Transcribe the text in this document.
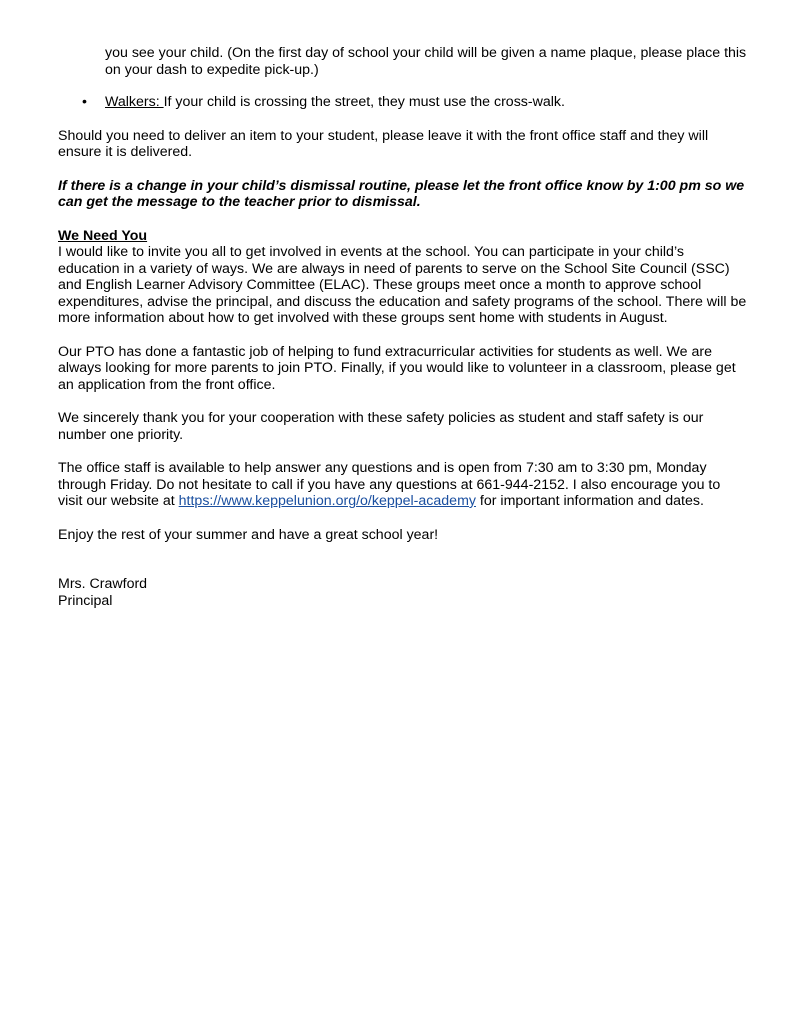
you see your child. (On the first day of school your child will be given a name plaque, please place this on your dash to expedite pick-up.)

• Walkers: If your child is crossing the street, they must use the cross-walk.

Should you need to deliver an item to your student, please leave it with the front office staff and they will ensure it is delivered.

If there is a change in your child’s dismissal routine, please let the front office know by 1:00 pm so we can get the message to the teacher prior to dismissal.

We Need You

I would like to invite you all to get involved in events at the school. You can participate in your child’s education in a variety of ways. We are always in need of parents to serve on the School Site Council (SSC) and English Learner Advisory Committee (ELAC). These groups meet once a month to approve school expenditures, advise the principal, and discuss the education and safety programs of the school. There will be more information about how to get involved with these groups sent home with students in August.

Our PTO has done a fantastic job of helping to fund extracurricular activities for students as well. We are always looking for more parents to join PTO. Finally, if you would like to volunteer in a classroom, please get an application from the front office.

We sincerely thank you for your cooperation with these safety policies as student and staff safety is our number one priority.

The office staff is available to help answer any questions and is open from 7:30 am to 3:30 pm, Monday through Friday. Do not hesitate to call if you have any questions at 661-944-2152. I also encourage you to visit our website at https://www.keppelunion.org/o/keppel-academy for important information and dates.

Enjoy the rest of your summer and have a great school year!

Mrs. Crawford

Principal
